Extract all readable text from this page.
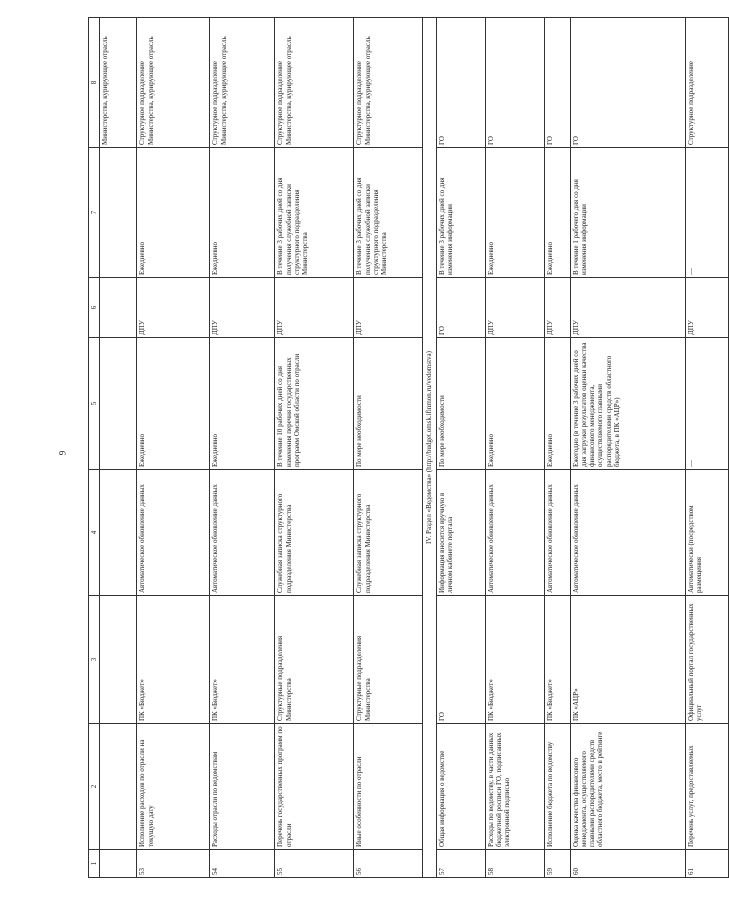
9
1	2	3	4	5	6	7	8
							Министерства, курирующее отрасль
53	Исполнение расходов по отрасли на текущую дату	ПК «Бюджет»	Автоматическое обновление данных	Ежедневно	ДПУ	Ежедневно	Структурное подразделение Министерства, курирующее отрасль
54	Расходы отрасли по ведомствам	ПК «Бюджет»	Автоматическое обновление данных	Ежедневно	ДПУ	Ежедневно	Структурное подразделение Министерства, курирующее отрасль
55	Перечень государственных программ по отрасли	Структурные подразделения Министерства	Служебная записка структурного подразделения Министерства	В течение 10 рабочих дней со дня изменения перечня государственных программ Омской области по отрасли	ДПУ	В течение 3 рабочих дней со дня получения служебной записки структурного подразделения Министерства	Структурное подразделение Министерства, курирующее отрасль
56	Иные особенности по отрасли	Структурные подразделения Министерства	Служебная записка структурного подразделения Министерства	По мере необходимости	ДПУ	В течение 3 рабочих дней со дня получения служебной записки структурного подразделения Министерства	Структурное подразделение Министерства, курирующее отрасль
IV. Раздел «Ведомства» (http://budget.omsk.ifinmon.ru/vedomstva)							
57	Общая информация о ведомстве	ГО	Информация вносится вручную в личном кабинете портала	По мере необходимости	ГО	В течение 3 рабочих дней со дня изменения информации	ГО
58	Расходы по ведомству, в части данных бюджетной росписи ГО, подписанных электронной подписью	ПК «Бюджет»	Автоматическое обновление данных	Ежедневно	ДПУ	Ежедневно	ГО
59	Исполнение бюджета по ведомству	ПК «Бюджет»	Автоматическое обновление данных	Ежедневно	ДПУ	Ежедневно	ГО
60	Оценка качества финансового менеджмента, осуществляемого главными распорядителями средств областного бюджета, место в рейтинге	ПК «АЦР»	Автоматическое обновление данных	Ежегодно (в течение 3 рабочих дней со дня загрузки результатов оценки качества финансового менеджмента, осуществляемого главными распорядителями средств областного бюджета, в ПК «АЦР»)	ДПУ	В течение 1 рабочего дня со дня изменения информации	ГО
61	Перечень услуг, предоставляемых	Официальный портал государственных услуг	Автоматически (посредством размещения	—	ДПУ	—	Структурное подразделение
